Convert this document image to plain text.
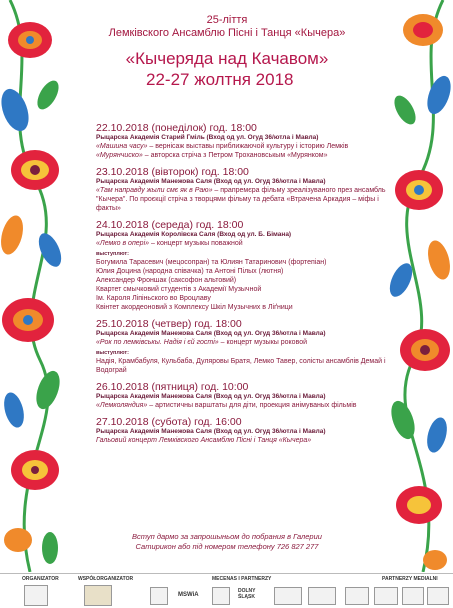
25-ліття
Лемківского Ансамблю Пісні і Танця «Кычера»
«Кычеряда над Качавом»
22-27 жолтня 2018
22.10.2018 (понеділок) год. 18:00
Рыцарска Академія Старий Гміль (Вход од ул. Огуд 36/ютла і Мавла)
«Машина часу» – вернісаж выставы приближаючой культуру і історию Лемків
«Мурянчиско» – авторска стріча з Петром Трохановськым «Мурянком»
23.10.2018 (вівторок) год. 18:00
Рыцарска Академія Манежова Саля (Вход од ул. Огуд 36/ютла і Мавла)
«Там направду жыли смє як в Раю» – прапремєра фільму зреалізуваного през ансамбль "Кычера". По проєкції стріча з творцями фільму та дебата «Втрачена Аркадия – міфы і факты»
24.10.2018 (середа) год. 18:00
Рыцарска Академія Королівска Саля (Вход од ул. Б. Бімана)
«Лемко в опері» – концерт музыкы поважной
выступлют:
Богумила Тарасевич (мецосопран) та Юлиян Татаринович (фортепіан)
Юлия Доцина (народна співачка) та Антоні Пілых (лютня)
Александер Фроншак (саксофон альтовий)
Квартет смычковий студентів з Академії Музычной
Ім. Кароля Ліпіньского во Вроцлаву
Квінтет акордеоновий з Комплексу Шкіл Музычних в Ліґници
25.10.2018 (четвер) год. 18:00
Рыцарска Академія Манежова Саля (Вход од ул. Огуд 36/ютла і Мавла)
«Рок по лемківськы. Надія і єй гості» – концерт музыкы роковой
выступлют:
Надія, Крамбабуля, Кульбаба, Дуляровы Братя, Лемко Тавер, солісты ансамблів Демай і Водограй
26.10.2018 (пятниця) год. 10:00
Рыцарска Академія Манежова Саля (Вход од ул. Огуд 36/ютла і Мавла)
«Лемколяндия» – артистичны варштаты для діти, проекция анімуваных фільмів
27.10.2018 (субота) год. 16:00
Рыцарска Академія Манежова Саля (Вход од ул. Огуд 36/ютла і Мавла)
Гальовий концерт Лемківского Ансамблю Пісні і Танця «Кычера»
Вступ дармо за запрошыньом до побрания в Галерии
Сатирикон або під номером телефону 726 827 277
ORGANIZATOR	WSPÓŁORGANIZATOR	MECENAS I PARTNERZY	PARTNERZY MEDIALNI
MSWiA
DOLNY ŚLĄSK
